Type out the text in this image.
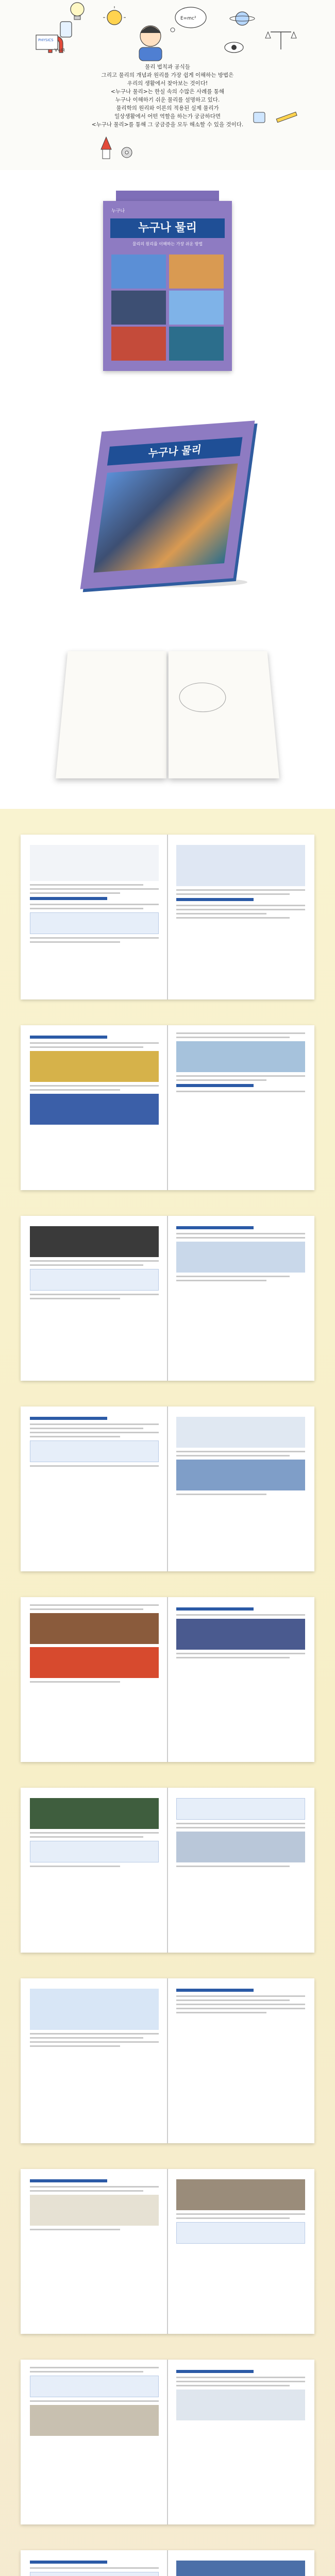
PHYSICS
V=IR
E=mc²
물리 법칙과 공식들
그리고 물리의 개념과 원리를 가장 쉽게 이해하는 방법은
우리의 생활에서 찾아보는 것이다!
<누구나 물리>는 한실 속의 수많은 사례를 통해
누구나 이해하기 쉬운 물리를 설명하고 있다.
물리학의 원리와 이론의 적용된 실제 물리가
일상생활에서 어떤 역할을 하는가 궁금하다면
<누구나 물리>를 통해 그 궁금증을 모두 해소할 수 있을 것이다.
누구나
누구나 물리
물리의 원리를 이해하는 가장 쉬운 방법
누구나 물리
